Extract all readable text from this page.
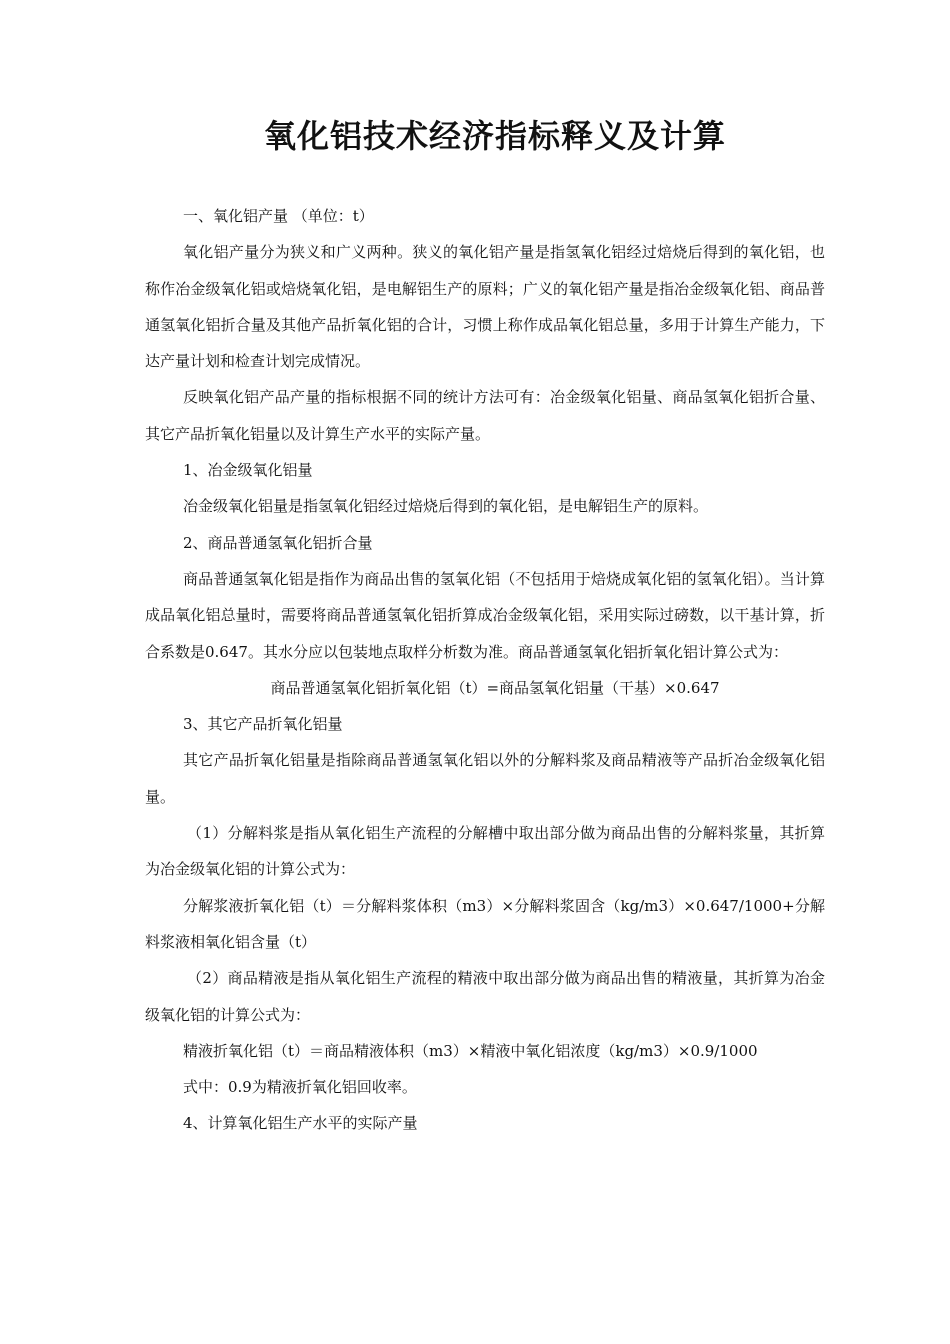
氧化铝技术经济指标释义及计算

一、氧化铝产量 （单位：t）

氧化铝产量分为狭义和广义两种。狭义的氧化铝产量是指氢氧化铝经过焙烧后得到的氧化铝，也称作冶金级氧化铝或焙烧氧化铝，是电解铝生产的原料；广义的氧化铝产量是指冶金级氧化铝、商品普通氢氧化铝折合量及其他产品折氧化铝的合计，习惯上称作成品氧化铝总量，多用于计算生产能力，下达产量计划和检查计划完成情况。

反映氧化铝产品产量的指标根据不同的统计方法可有：冶金级氧化铝量、商品氢氧化铝折合量、其它产品折氧化铝量以及计算生产水平的实际产量。

1、冶金级氧化铝量

冶金级氧化铝量是指氢氧化铝经过焙烧后得到的氧化铝，是电解铝生产的原料。

2、商品普通氢氧化铝折合量

商品普通氢氧化铝是指作为商品出售的氢氧化铝（不包括用于焙烧成氧化铝的氢氧化铝）。当计算成品氧化铝总量时，需要将商品普通氢氧化铝折算成冶金级氧化铝，采用实际过磅数，以干基计算，折合系数是0.647。其水分应以包装地点取样分析数为准。商品普通氢氧化铝折氧化铝计算公式为：

商品普通氢氧化铝折氧化铝（t）=商品氢氧化铝量（干基）×0.647

3、其它产品折氧化铝量

其它产品折氧化铝量是指除商品普通氢氧化铝以外的分解料浆及商品精液等产品折冶金级氧化铝量。

（1）分解料浆是指从氧化铝生产流程的分解槽中取出部分做为商品出售的分解料浆量，其折算为冶金级氧化铝的计算公式为：

分解浆液折氧化铝（t）＝分解料浆体积（m3）×分解料浆固含（kg/m3）×0.647/1000+分解料浆液相氧化铝含量（t）

（2）商品精液是指从氧化铝生产流程的精液中取出部分做为商品出售的精液量，其折算为冶金级氧化铝的计算公式为：

精液折氧化铝（t）＝商品精液体积（m3）×精液中氧化铝浓度（kg/m3）×0.9/1000

式中：0.9为精液折氧化铝回收率。

4、计算氧化铝生产水平的实际产量
